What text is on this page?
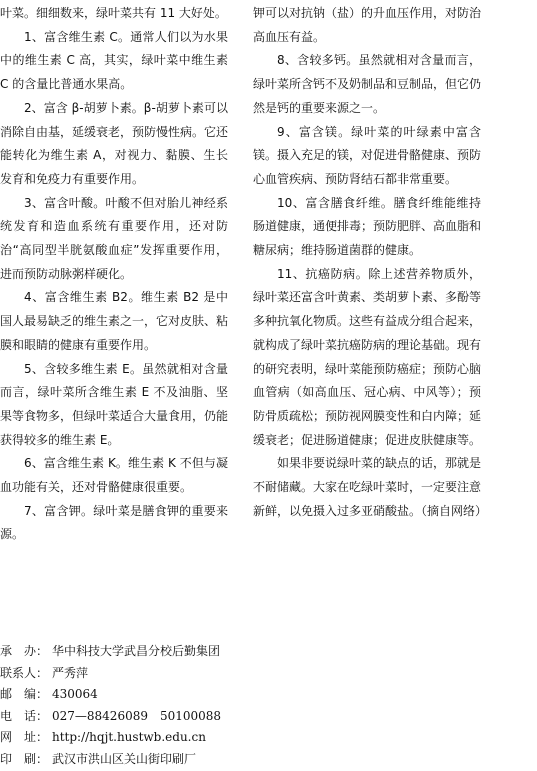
叶菜。细细数来，绿叶菜共有 11 大好处。

1、富含维生素 C。通常人们以为水果中的维生素 C 高，其实，绿叶菜中维生素 C 的含量比普通水果高。

2、富含 β-胡萝卜素。β-胡萝卜素可以消除自由基，延缓衰老，预防慢性病。它还能转化为维生素 A，对视力、黏膜、生长发育和免疫力有重要作用。

3、富含叶酸。叶酸不但对胎儿神经系统发育和造血系统有重要作用，还对防治“高同型半胱氨酸血症”发挥重要作用，进而预防动脉粥样硬化。

4、富含维生素 B2。维生素 B2 是中国人最易缺乏的维生素之一，它对皮肤、粘膜和眼睛的健康有重要作用。

5、含较多维生素 E。虽然就相对含量而言，绿叶菜所含维生素 E 不及油脂、坚果等食物多，但绿叶菜适合大量食用，仍能获得较多的维生素 E。

6、富含维生素 K。维生素 K 不但与凝血功能有关，还对骨骼健康很重要。

7、富含钾。绿叶菜是膳食钾的重要来源。

钾可以对抗钠（盐）的升血压作用，对防治高血压有益。

8、含较多钙。虽然就相对含量而言，绿叶菜所含钙不及奶制品和豆制品，但它仍然是钙的重要来源之一。

9、富含镁。绿叶菜的叶绿素中富含镁。摄入充足的镁，对促进骨骼健康、预防心血管疾病、预防肾结石都非常重要。

10、富含膳食纤维。膳食纤维能维持肠道健康，通便排毒；预防肥胖、高血脂和糖尿病；维持肠道菌群的健康。

11、抗癌防病。除上述营养物质外，绿叶菜还富含叶黄素、类胡萝卜素、多酚等多种抗氧化物质。这些有益成分组合起来，就构成了绿叶菜抗癌防病的理论基础。现有的研究表明，绿叶菜能预防癌症；预防心脑血管病（如高血压、冠心病、中风等）；预防骨质疏松；预防视网膜变性和白内障；延缓衰老；促进肠道健康；促进皮肤健康等。

如果非要说绿叶菜的缺点的话，那就是不耐储藏。大家在吃绿叶菜时，一定要注意新鲜，以免摄入过多亚硝酸盐。（摘自网络）

承　办： 华中科技大学武昌分校后勤集团
联系人： 严秀萍
邮　编： 430064
电　话： 027—88426089　50100088
网　址： http://hqjt.hustwb.edu.cn
印　刷： 武汉市洪山区关山街印刷厂
